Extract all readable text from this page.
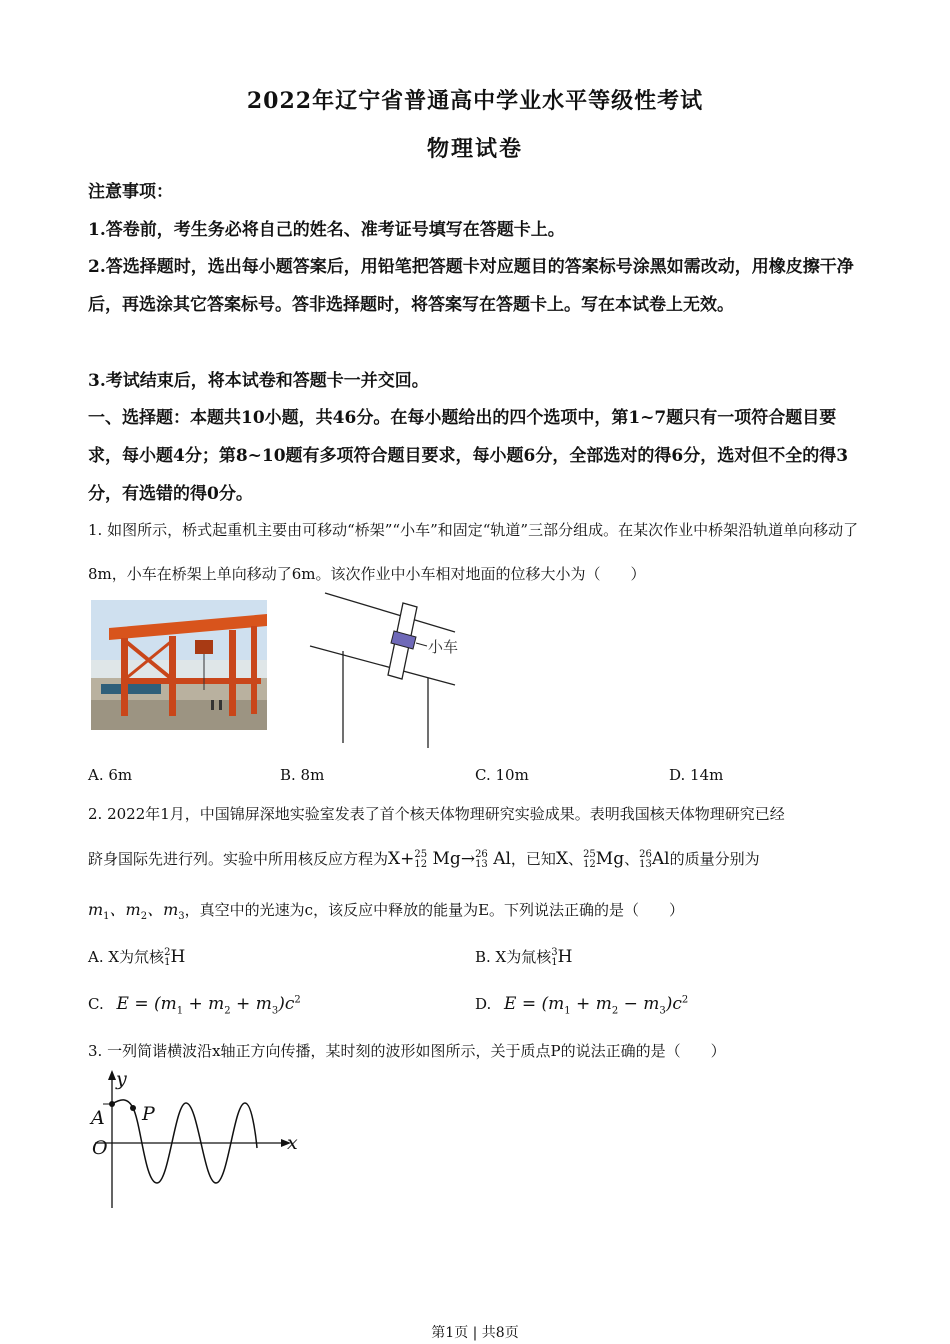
2022年辽宁省普通高中学业水平等级性考试
物理试卷
注意事项：
1.答卷前，考生务必将自己的姓名、准考证号填写在答题卡上。
2.答选择题时，选出每小题答案后，用铅笔把答题卡对应题目的答案标号涂黑如需改动，用橡皮擦干净后，再选涂其它答案标号。答非选择题时，将答案写在答题卡上。写在本试卷上无效。
3.考试结束后，将本试卷和答题卡一并交回。
一、选择题：本题共10小题，共46分。在每小题给出的四个选项中，第1~7题只有一项符合题目要求，每小题4分；第8~10题有多项符合题目要求，每小题6分，全部选对的得6分，选对但不全的得3分，有选错的得0分。
1. 如图所示，桥式起重机主要由可移动“桥架”“小车”和固定“轨道”三部分组成。在某次作业中桥架沿轨道单向移动了8m，小车在桥架上单向移动了6m。该次作业中小车相对地面的位移大小为（　　）
小车
A. 6m	B. 8m	C. 10m	D. 14m
2. 2022年1月，中国锦屏深地实验室发表了首个核天体物理研究实验成果。表明我国核天体物理研究已经
跻身国际先进行列。实验中所用核反应方程为X+25
12 Mg→26
13 Al，已知X、25
12Mg、26
13Al的质量分别为
$m_1$、$m_2$、$m_3$，真空中的光速为c，该反应中释放的能量为E。下列说法正确的是（　　）
A. X为氘核2
1H	B. X为氚核3
1H
C. $E = (m_1 + m_2 + m_3)c^2$	D. $E = (m_1 + m_2 - m_3)c^2$
3. 一列简谐横波沿x轴正方向传播，某时刻的波形如图所示，关于质点P的说法正确的是（　　）
y
x
O
A P
第1页 | 共8页
